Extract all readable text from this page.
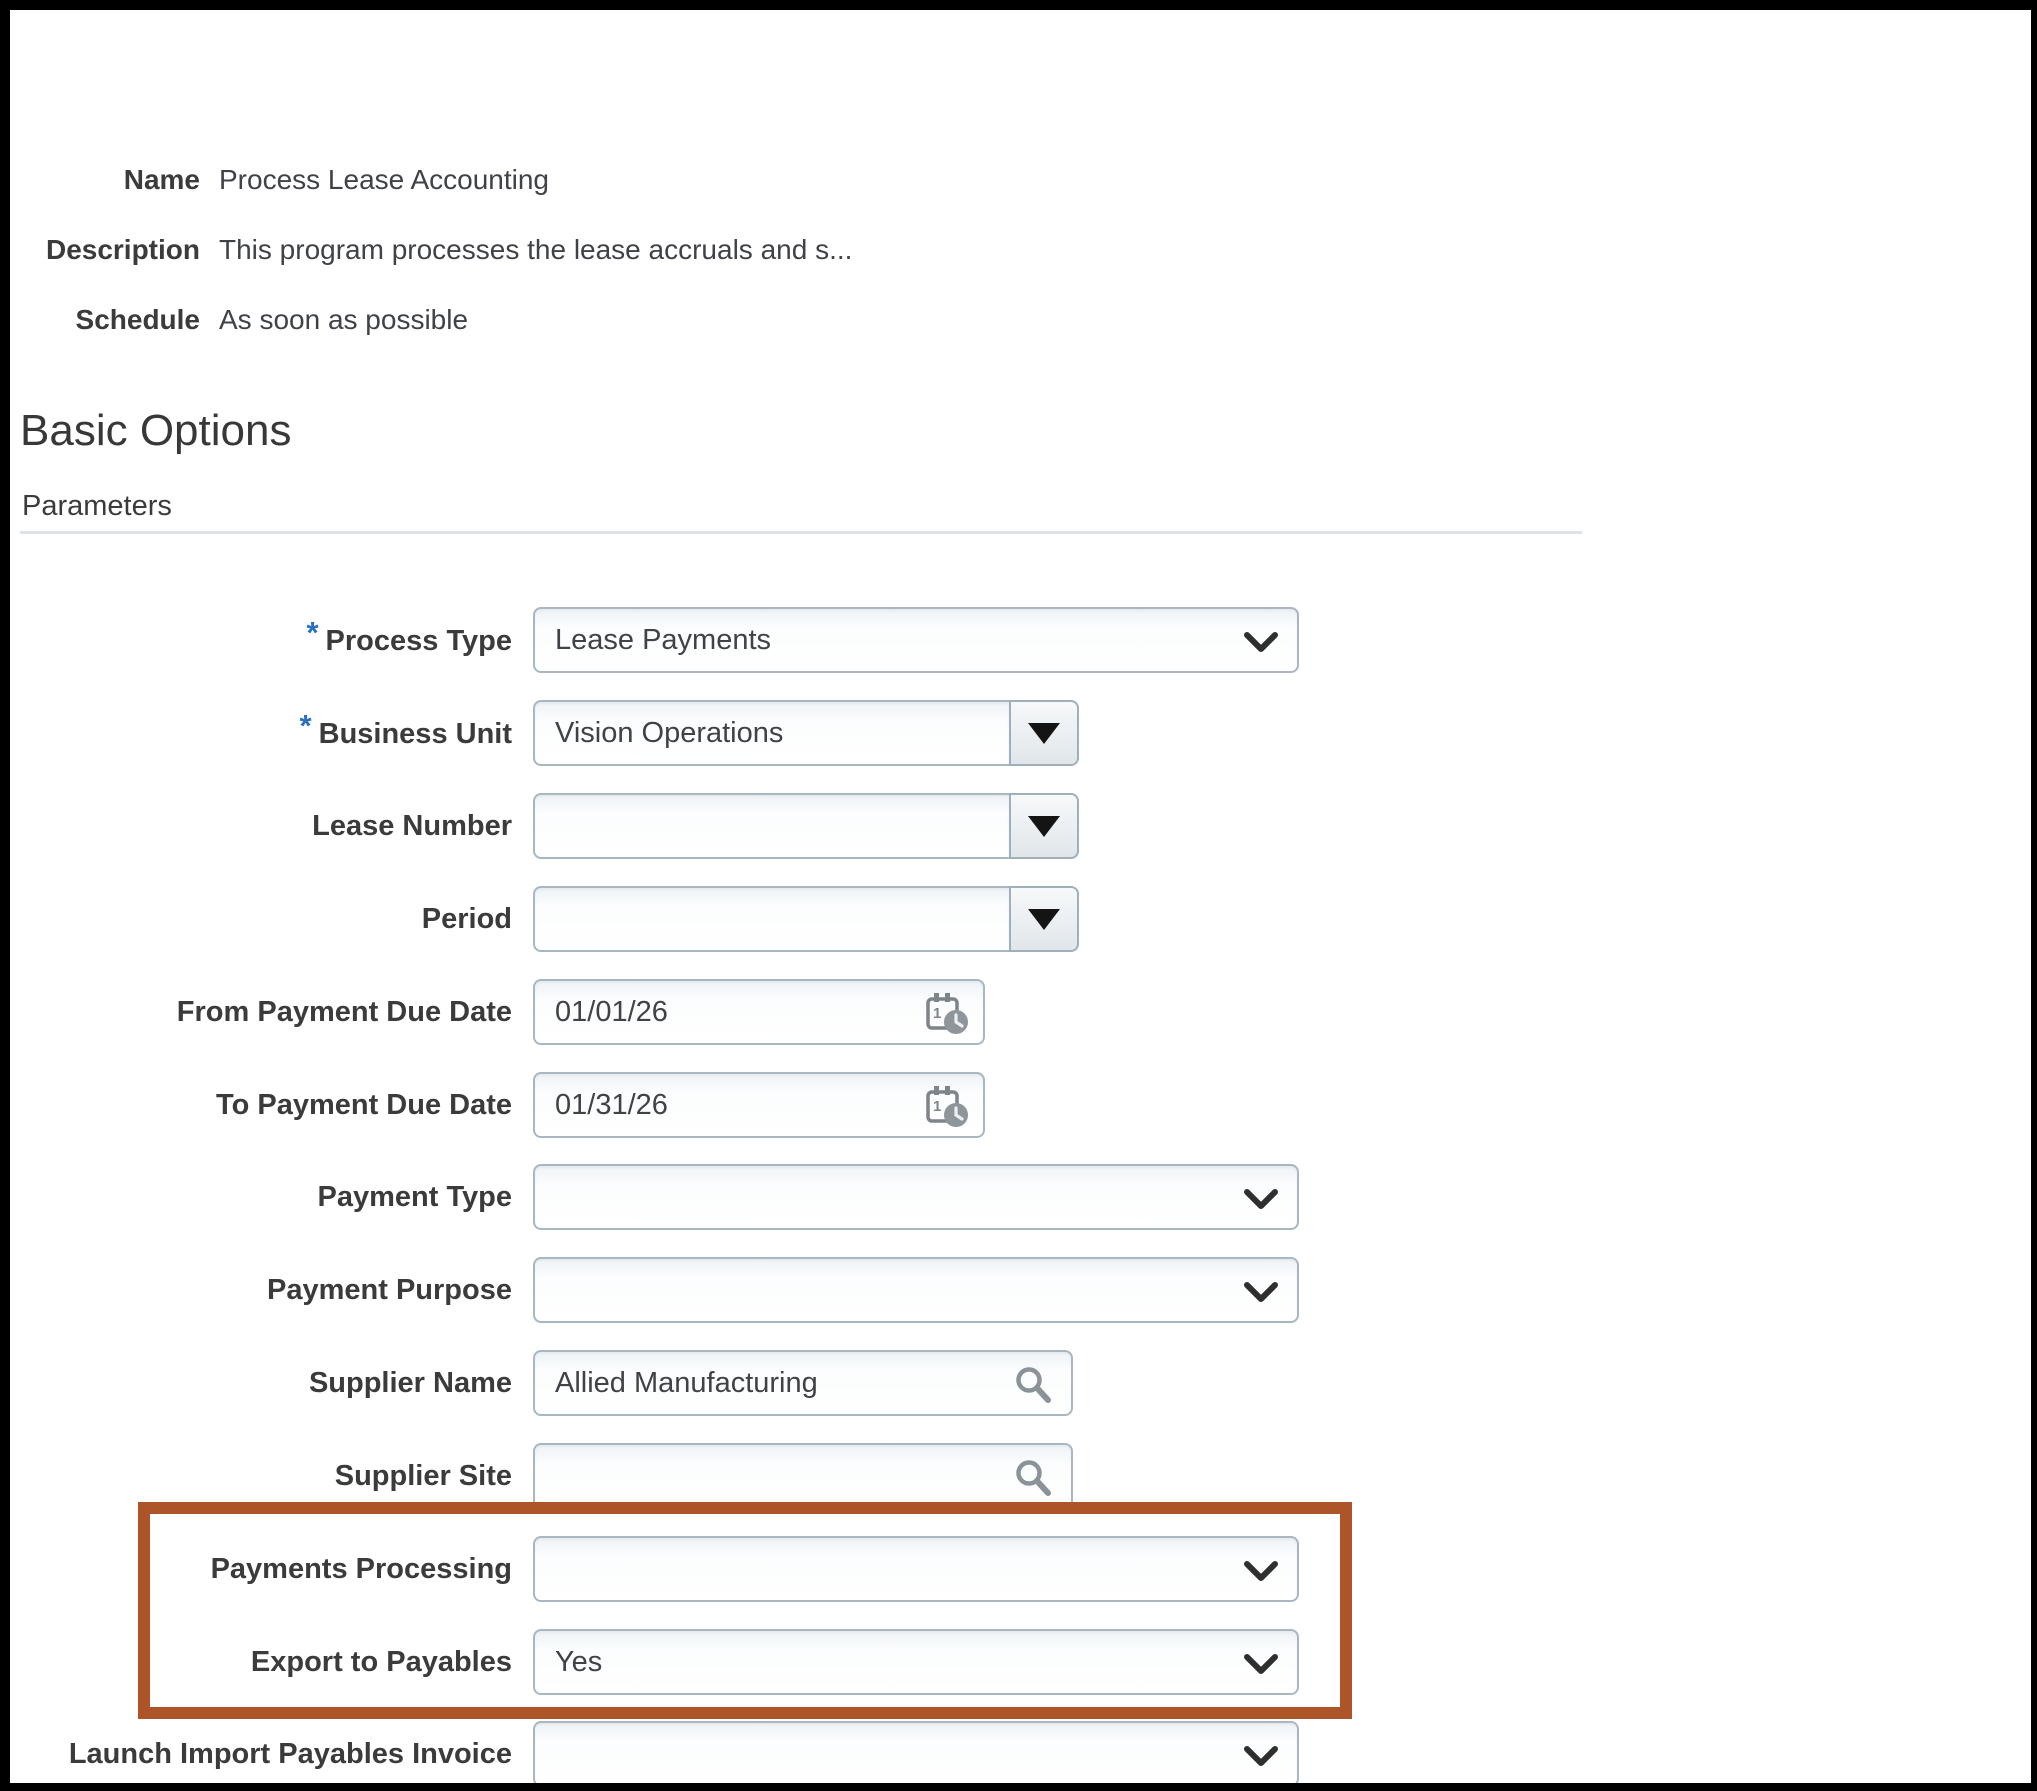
Name Process Lease Accounting
Description This program processes the lease accruals and s...
Schedule As soon as possible
Basic Options
Parameters
* Process Type	Lease Payments
* Business Unit	Vision Operations
Lease Number
Period
From Payment Due Date	01/01/26	1
To Payment Due Date	01/31/26	1
Payment Type
Payment Purpose
Supplier Name	Allied Manufacturing
Supplier Site
Payments Processing
Export to Payables	Yes
Launch Import Payables Invoice
